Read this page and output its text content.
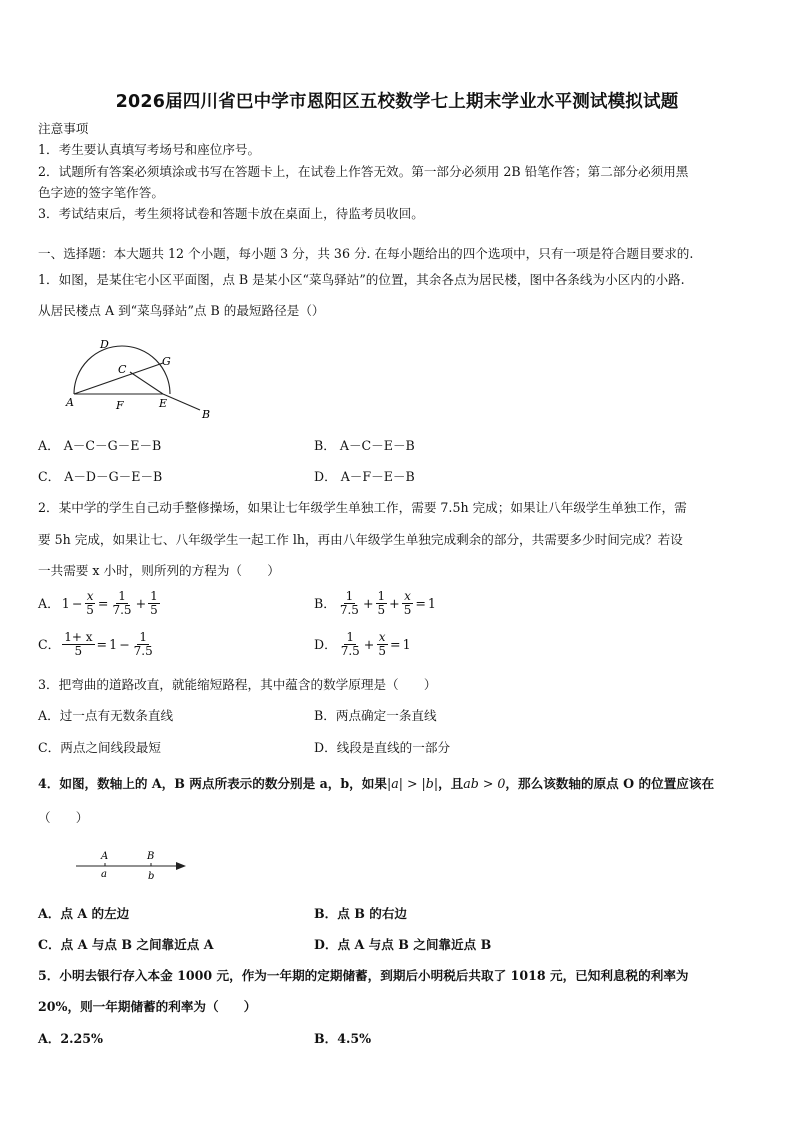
2026届四川省巴中学市恩阳区五校数学七上期末学业水平测试模拟试题
注意事项
1．考生要认真填写考场号和座位序号。
2．试题所有答案必须填涂或书写在答题卡上，在试卷上作答无效。第一部分必须用 2B 铅笔作答；第二部分必须用黑
色字迹的签字笔作答。
3．考试结束后，考生须将试卷和答题卡放在桌面上，待监考员收回。
一、选择题：本大题共 12 个小题，每小题 3 分，共 36 分. 在每小题给出的四个选项中，只有一项是符合题目要求的.
1．如图，是某住宅小区平面图，点 B 是某小区“菜鸟驿站”的位置，其余各点为居民楼，图中各条线为小区内的小路.
从居民楼点 A 到“菜鸟驿站”点 B 的最短路径是（）
A
B
C
D
E
F
G
A． A－C－G－E－B	B． A－C－E－B
C． A－D－G－E－B	D． A－F－E－B
2．某中学的学生自己动手整修操场，如果让七年级学生单独工作，需要 7.5h 完成；如果让八年级学生单独工作，需
要 5h 完成，如果让七、八年级学生一起工作 lh，再由八年级学生单独完成剩余的部分，共需要多少时间完成？若设
一共需要 x 小时，则所列的方程为（　　）
A． $1 - \frac{x}{5} = \frac{1}{7.5} + \frac{1}{5}$	B． $\frac{1}{7.5} + \frac{1}{5} + \frac{x}{5} = 1$
C． $\frac{1+ x}{5} = 1 - \frac{1}{7.5}$	D． $\frac{1}{7.5} + \frac{x}{5} = 1$
3．把弯曲的道路改直，就能缩短路程，其中蕴含的数学原理是（　　）
A．过一点有无数条直线	B．两点确定一条直线
C．两点之间线段最短	D．线段是直线的一部分
4．如图，数轴上的 A，B 两点所表示的数分别是 a，b，如果|a| > |b|，且ab > 0，那么该数轴的原点 O 的位置应该在
（　　）
A	B
a	b
A．点 A 的左边	B．点 B 的右边
C．点 A 与点 B 之间靠近点 A	D．点 A 与点 B 之间靠近点 B
5．小明去银行存入本金 1000 元，作为一年期的定期储蓄，到期后小明税后共取了 1018 元，已知利息税的利率为
20%，则一年期储蓄的利率为（　　）
A．2.25%	B．4.5%
